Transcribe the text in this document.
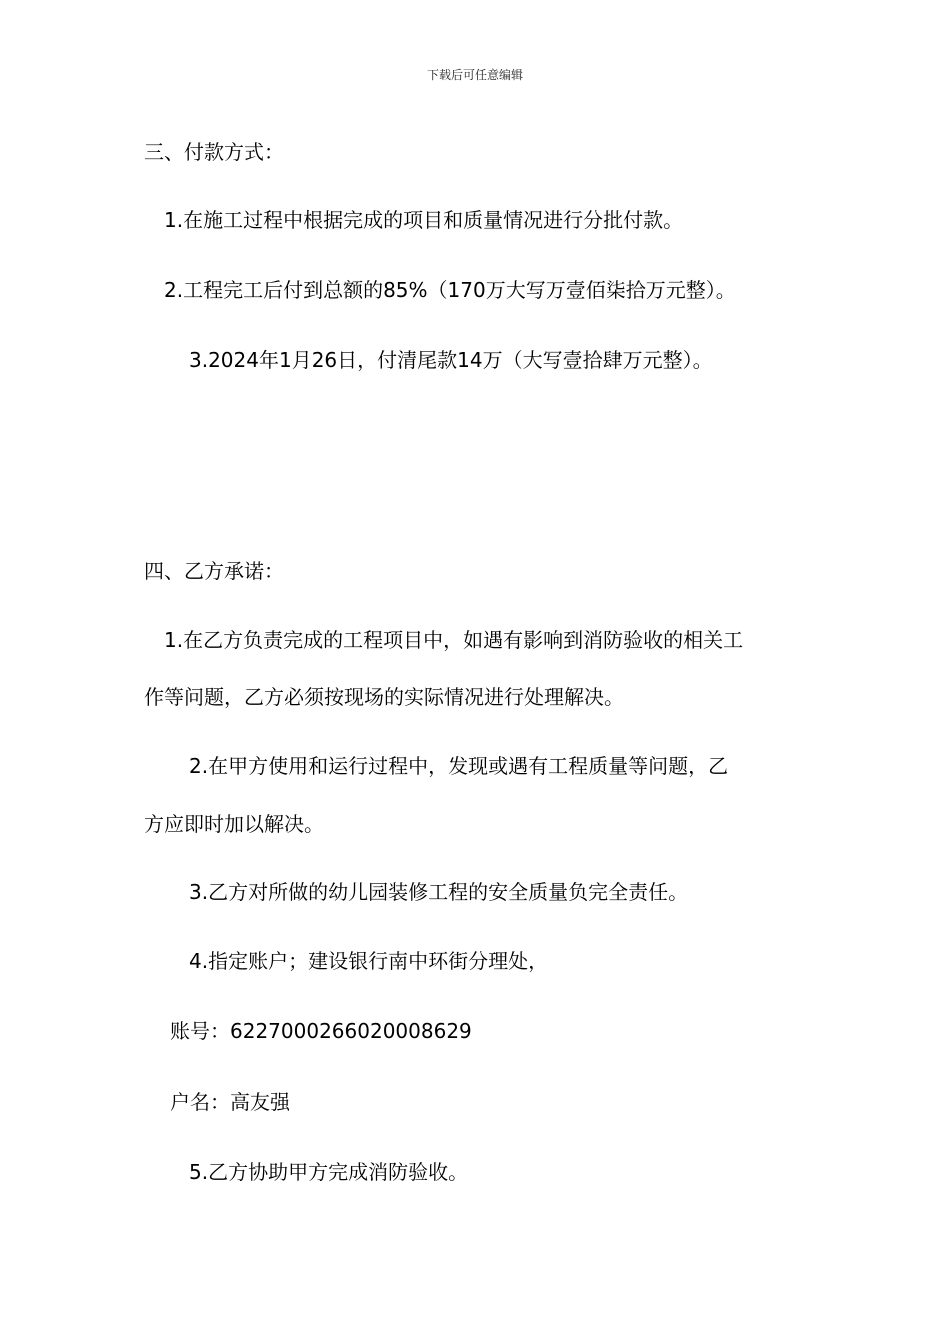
下载后可任意编辑
三、付款方式：
1.在施工过程中根据完成的项目和质量情况进行分批付款。
2.工程完工后付到总额的85%（170万大写万壹佰柒拾万元整）。
3.2024年1月26日，付清尾款14万（大写壹拾肆万元整）。
四、乙方承诺：
1.在乙方负责完成的工程项目中，如遇有影响到消防验收的相关工
作等问题，乙方必须按现场的实际情况进行处理解决。
2.在甲方使用和运行过程中，发现或遇有工程质量等问题，乙
方应即时加以解决。
3.乙方对所做的幼儿园装修工程的安全质量负完全责任。
4.指定账户；建设银行南中环街分理处，
账号：6227000266020008629
户名：高友强
5.乙方协助甲方完成消防验收。
